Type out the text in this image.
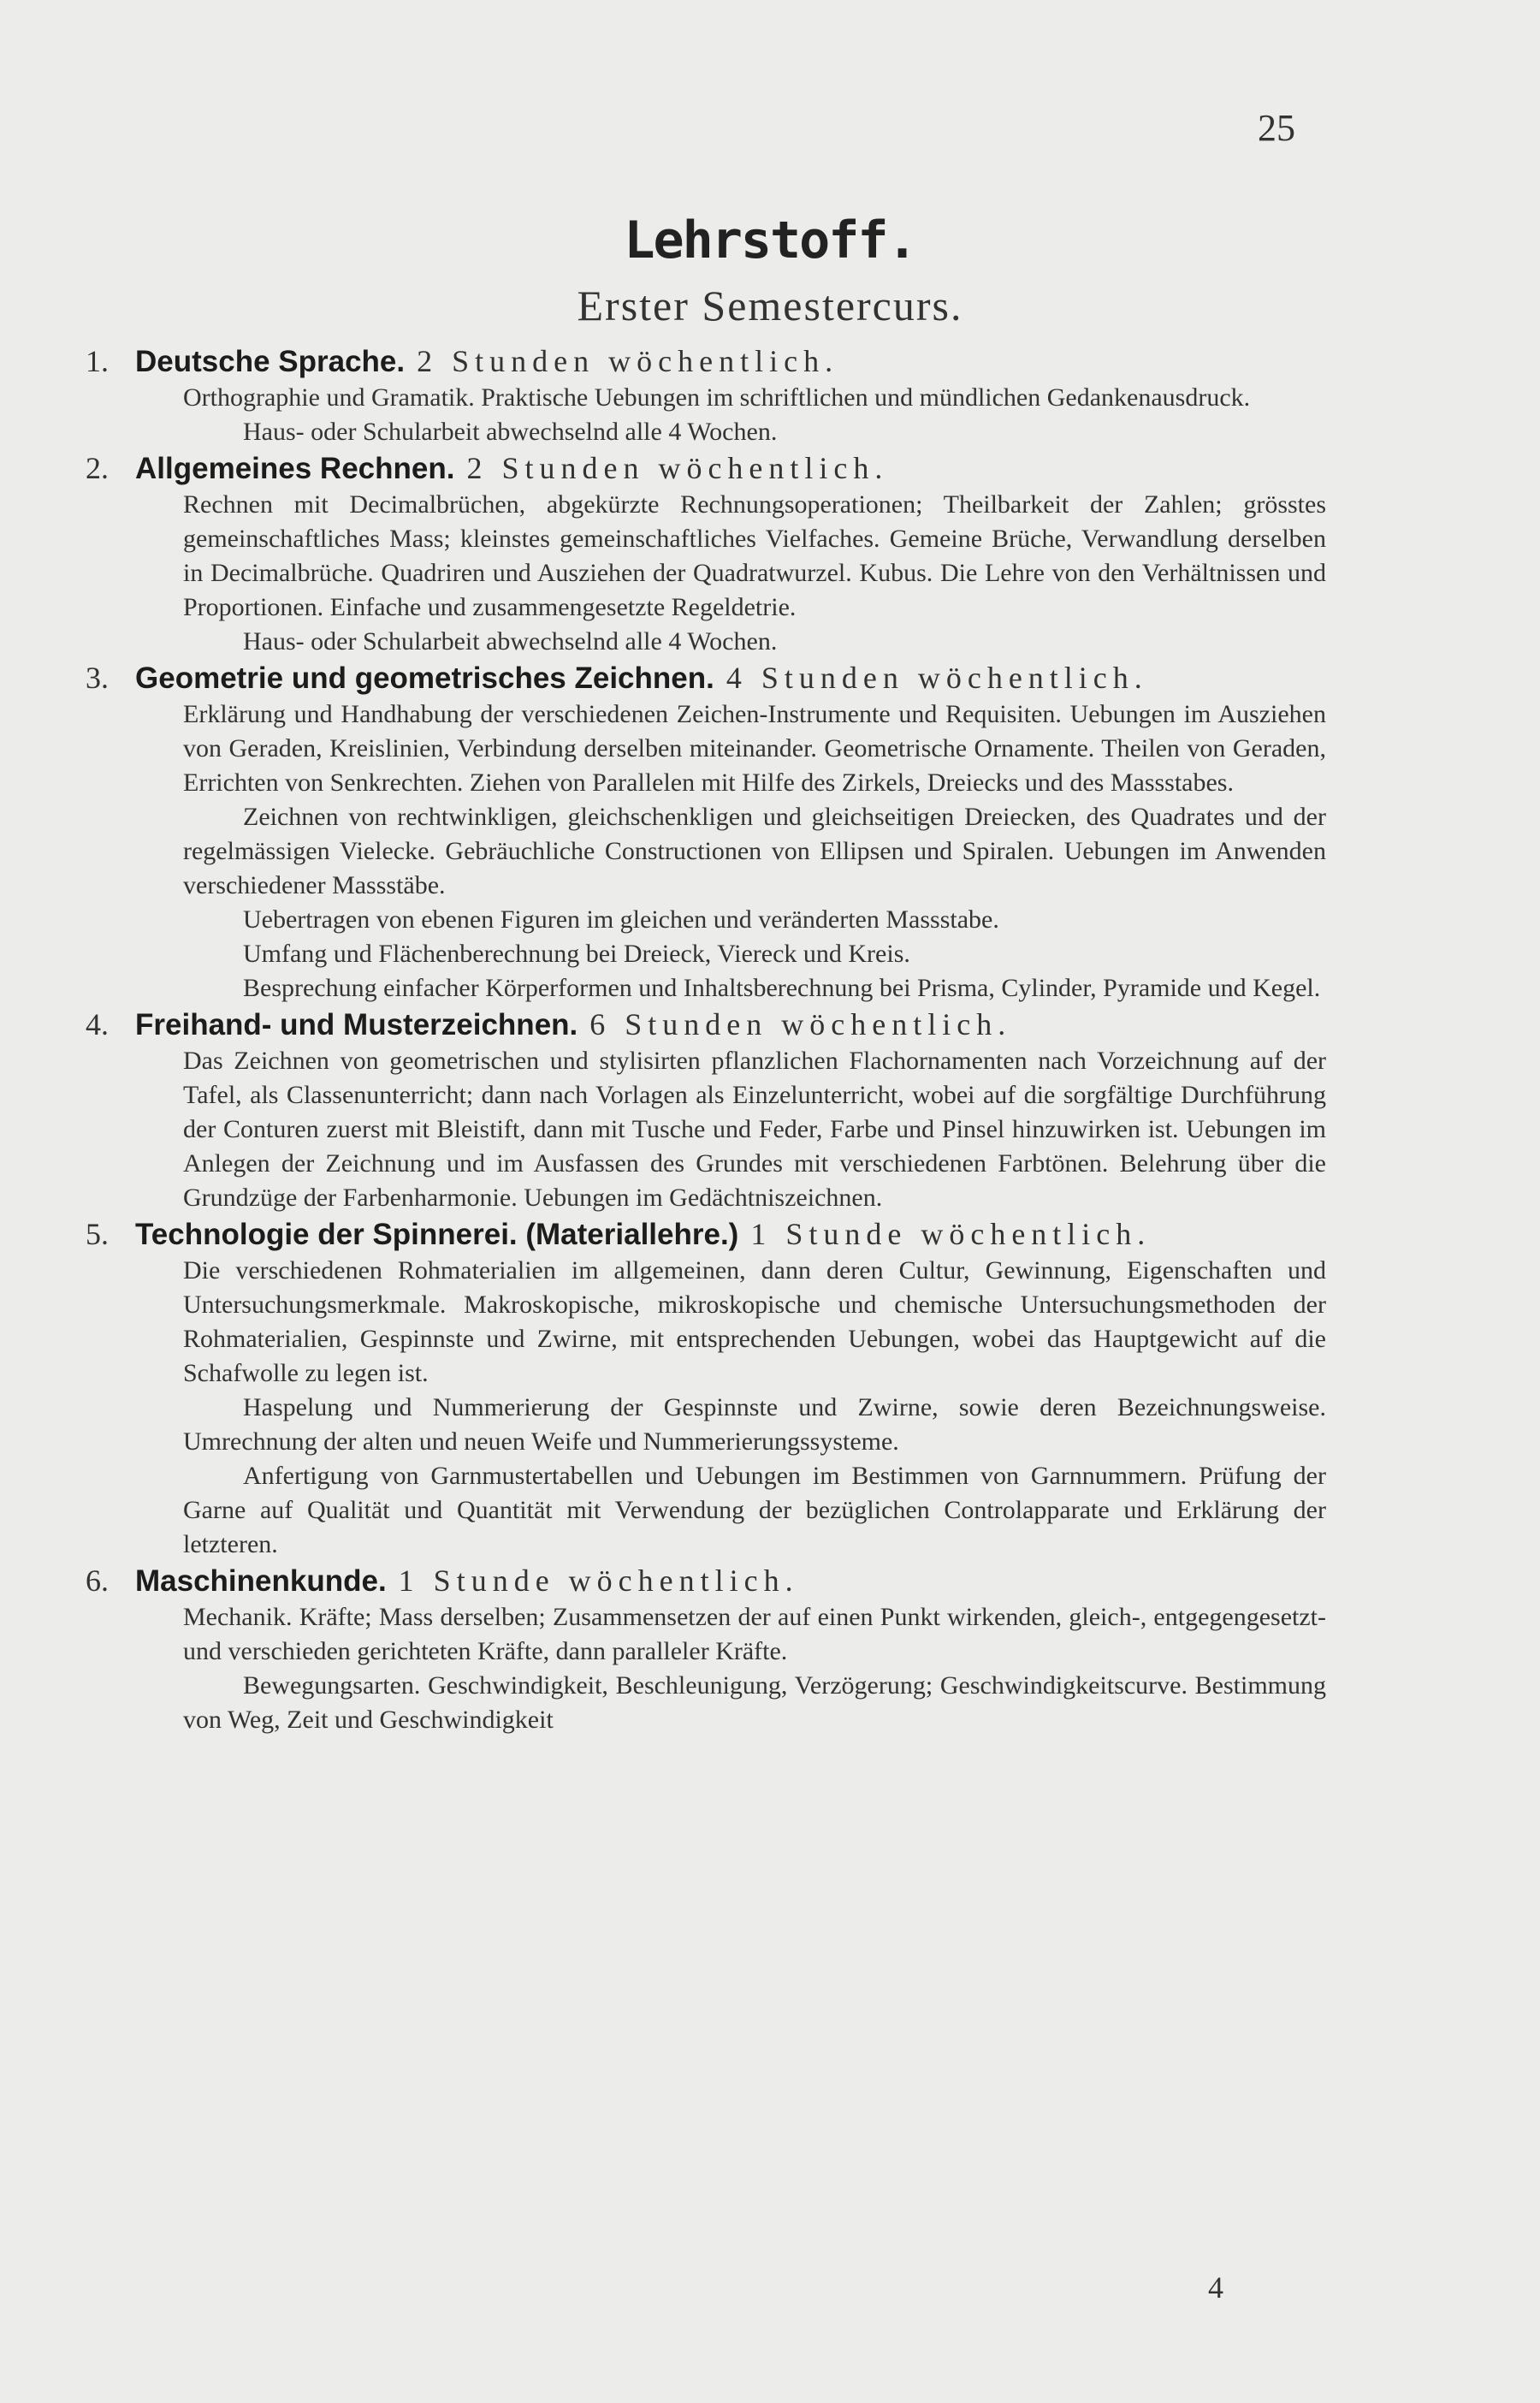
25
Lehrstoff.
Erster Semestercurs.
1. Deutsche Sprache. 2 Stunden wöchentlich.

Orthographie und Gramatik. Praktische Uebungen im schriftlichen und mündlichen Gedankenausdruck.

Haus- oder Schularbeit abwechselnd alle 4 Wochen.

2. Allgemeines Rechnen. 2 Stunden wöchentlich.

Rechnen mit Decimalbrüchen, abgekürzte Rechnungsoperationen; Theilbarkeit der Zahlen; grösstes gemeinschaftliches Mass; kleinstes gemeinschaftliches Vielfaches. Gemeine Brüche, Verwandlung derselben in Decimalbrüche. Quadriren und Ausziehen der Quadratwurzel. Kubus. Die Lehre von den Verhältnissen und Proportionen. Einfache und zusammengesetzte Regeldetrie.

Haus- oder Schularbeit abwechselnd alle 4 Wochen.

3. Geometrie und geometrisches Zeichnen. 4 Stunden wöchentlich.

Erklärung und Handhabung der verschiedenen Zeichen-Instrumente und Requisiten. Uebungen im Ausziehen von Geraden, Kreislinien, Verbindung derselben miteinander. Geometrische Ornamente. Theilen von Geraden, Errichten von Senkrechten. Ziehen von Parallelen mit Hilfe des Zirkels, Dreiecks und des Massstabes.

Zeichnen von rechtwinkligen, gleichschenkligen und gleichseitigen Dreiecken, des Quadrates und der regelmässigen Vielecke. Gebräuchliche Constructionen von Ellipsen und Spiralen. Uebungen im Anwenden verschiedener Massstäbe.

Uebertragen von ebenen Figuren im gleichen und veränderten Massstabe.

Umfang und Flächenberechnung bei Dreieck, Viereck und Kreis.

Besprechung einfacher Körperformen und Inhaltsberechnung bei Prisma, Cylinder, Pyramide und Kegel.

4. Freihand- und Musterzeichnen. 6 Stunden wöchentlich.

Das Zeichnen von geometrischen und stylisirten pflanzlichen Flachornamenten nach Vorzeichnung auf der Tafel, als Classenunterricht; dann nach Vorlagen als Einzelunterricht, wobei auf die sorgfältige Durchführung der Conturen zuerst mit Bleistift, dann mit Tusche und Feder, Farbe und Pinsel hinzuwirken ist. Uebungen im Anlegen der Zeichnung und im Ausfassen des Grundes mit verschiedenen Farbtönen. Belehrung über die Grundzüge der Farbenharmonie. Uebungen im Gedächtniszeichnen.

5. Technologie der Spinnerei. (Materiallehre.) 1 Stunde wöchentlich.

Die verschiedenen Rohmaterialien im allgemeinen, dann deren Cultur, Gewinnung, Eigenschaften und Untersuchungsmerkmale. Makroskopische, mikroskopische und chemische Untersuchungsmethoden der Rohmaterialien, Gespinnste und Zwirne, mit entsprechenden Uebungen, wobei das Hauptgewicht auf die Schafwolle zu legen ist.

Haspelung und Nummerierung der Gespinnste und Zwirne, sowie deren Bezeichnungsweise. Umrechnung der alten und neuen Weife und Nummerierungssysteme.

Anfertigung von Garnmustertabellen und Uebungen im Bestimmen von Garnnummern. Prüfung der Garne auf Qualität und Quantität mit Verwendung der bezüglichen Controlapparate und Erklärung der letzteren.

6. Maschinenkunde. 1 Stunde wöchentlich.

Mechanik. Kräfte; Mass derselben; Zusammensetzen der auf einen Punkt wirkenden, gleich-, entgegengesetzt- und verschieden gerichteten Kräfte, dann paralleler Kräfte.

Bewegungsarten. Geschwindigkeit, Beschleunigung, Verzögerung; Geschwindigkeitscurve. Bestimmung von Weg, Zeit und Geschwindigkeit

4
